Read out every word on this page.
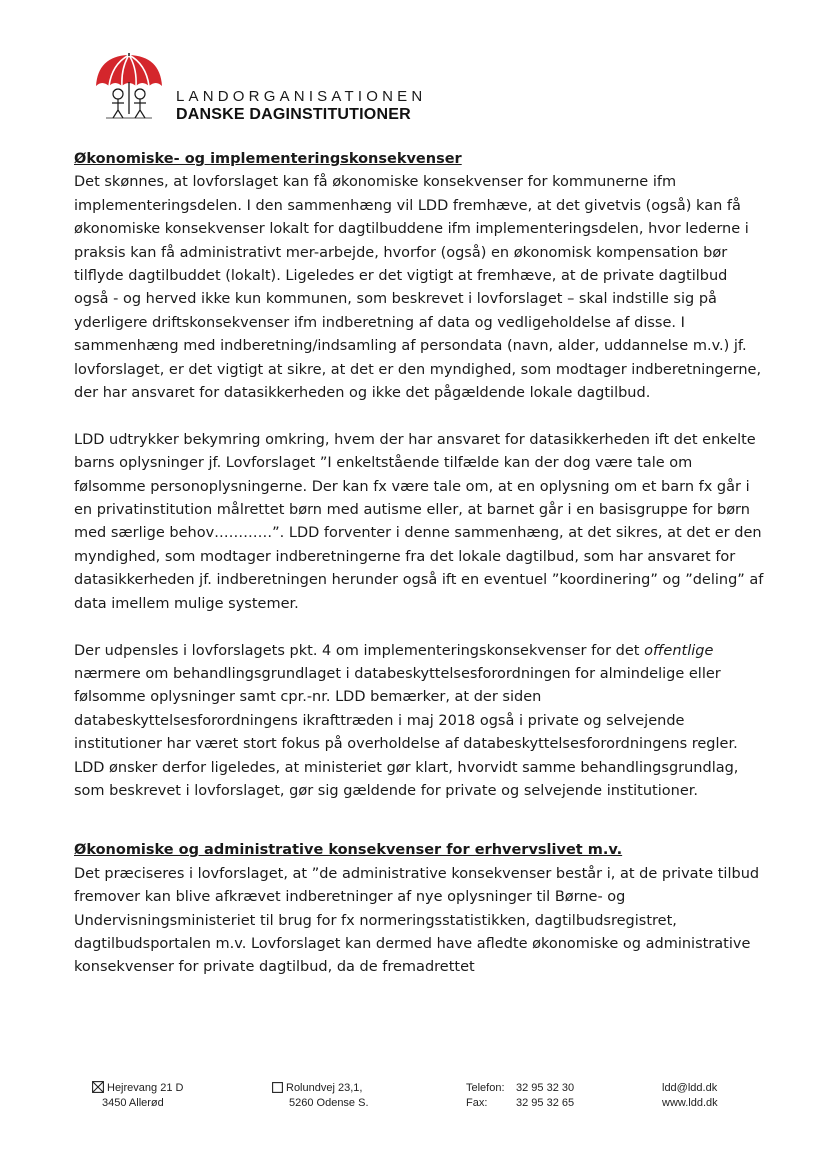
LANDORGANISATIONEN
DANSKE DAGINSTITUTIONER

Økonomiske- og implementeringskonsekvenser

Det skønnes, at lovforslaget kan få økonomiske konsekvenser for kommunerne ifm implementeringsdelen. I den sammenhæng vil LDD fremhæve, at det givetvis (også) kan få økonomiske konsekvenser lokalt for dagtilbuddene ifm implementeringsdelen, hvor lederne i praksis kan få administrativt mer-arbejde, hvorfor (også) en økonomisk kompensation bør tilflyde dagtilbuddet (lokalt). Ligeledes er det vigtigt at fremhæve, at de private dagtilbud også - og herved ikke kun kommunen, som beskrevet i lovforslaget – skal indstille sig på yderligere driftskonsekvenser ifm indberetning af data og vedligeholdelse af disse. I sammenhæng med indberetning/indsamling af persondata (navn, alder, uddannelse m.v.) jf. lovforslaget, er det vigtigt at sikre, at det er den myndighed, som modtager indberetningerne, der har ansvaret for datasikkerheden og ikke det pågældende lokale dagtilbud.

LDD udtrykker bekymring omkring, hvem der har ansvaret for datasikkerheden ift det enkelte barns oplysninger jf. Lovforslaget ”I enkeltstående tilfælde kan der dog være tale om følsomme personoplysningerne. Der kan fx være tale om, at en oplysning om et barn fx går i en privatinstitution målrettet børn med autisme eller, at barnet går i en basisgruppe for børn med særlige behov…………”. LDD forventer i denne sammenhæng, at det sikres, at det er den myndighed, som modtager indberetningerne fra det lokale dagtilbud, som har ansvaret for datasikkerheden jf. indberetningen herunder også ift en eventuel ”koordinering” og ”deling” af data imellem mulige systemer.

Der udpensles i lovforslagets pkt. 4 om implementeringskonsekvenser for det offentlige nærmere om behandlingsgrundlaget i databeskyttelsesforordningen for almindelige eller følsomme oplysninger samt cpr.-nr. LDD bemærker, at der siden databeskyttelsesforordningens ikrafttræden i maj 2018 også i private og selvejende institutioner har været stort fokus på overholdelse af databeskyttelsesforordningens regler. LDD ønsker derfor ligeledes, at ministeriet gør klart, hvorvidt samme behandlingsgrundlag, som beskrevet i lovforslaget, gør sig gældende for private og selvejende institutioner.

Økonomiske og administrative konsekvenser for erhvervslivet m.v.

Det præciseres i lovforslaget, at ”de administrative konsekvenser består i, at de private tilbud fremover kan blive afkrævet indberetninger af nye oplysninger til Børne- og Undervisningsministeriet til brug for fx normeringsstatistikken, dagtilbudsregistret, dagtilbudsportalen m.v. Lovforslaget kan dermed have afledte økonomiske og administrative konsekvenser for private dagtilbud, da de fremadrettet

Hejrevang 21 D
3450 Allerød
Rolundvej 23,1,
5260 Odense S.
Telefon:
Fax:
32 95 32 30
32 95 32 65
ldd@ldd.dk
www.ldd.dk
